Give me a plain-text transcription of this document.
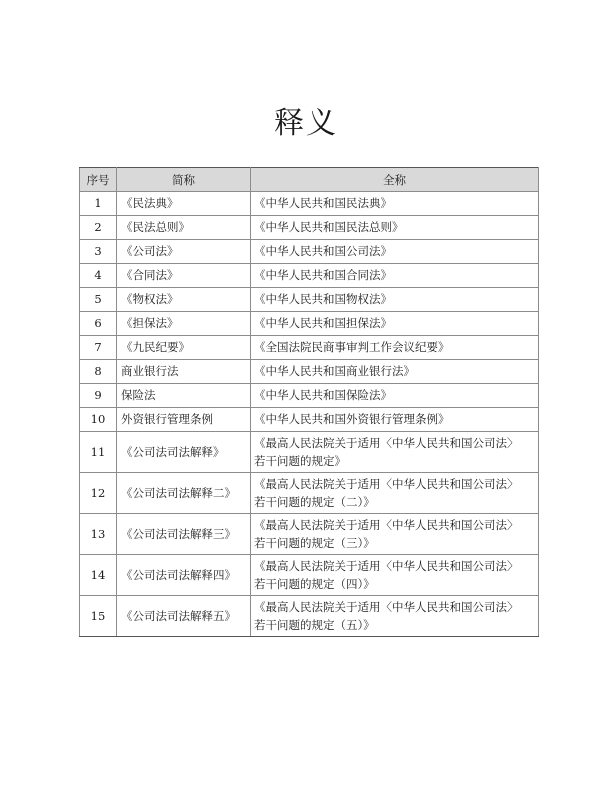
释义
序号	简称	全称
1	《民法典》	《中华人民共和国民法典》
2	《民法总则》	《中华人民共和国民法总则》
3	《公司法》	《中华人民共和国公司法》
4	《合同法》	《中华人民共和国合同法》
5	《物权法》	《中华人民共和国物权法》
6	《担保法》	《中华人民共和国担保法》
7	《九民纪要》	《全国法院民商事审判工作会议纪要》
8	商业银行法	《中华人民共和国商业银行法》
9	保险法	《中华人民共和国保险法》
10	外资银行管理条例	《中华人民共和国外资银行管理条例》
11	《公司法司法解释》	《最高人民法院关于适用〈中华人民共和国公司法〉
若干问题的规定》
12	《公司法司法解释二》	《最高人民法院关于适用〈中华人民共和国公司法〉
若干问题的规定（二）》
13	《公司法司法解释三》	《最高人民法院关于适用〈中华人民共和国公司法〉
若干问题的规定（三）》
14	《公司法司法解释四》	《最高人民法院关于适用〈中华人民共和国公司法〉
若干问题的规定（四）》
15	《公司法司法解释五》	《最高人民法院关于适用〈中华人民共和国公司法〉
若干问题的规定（五）》
